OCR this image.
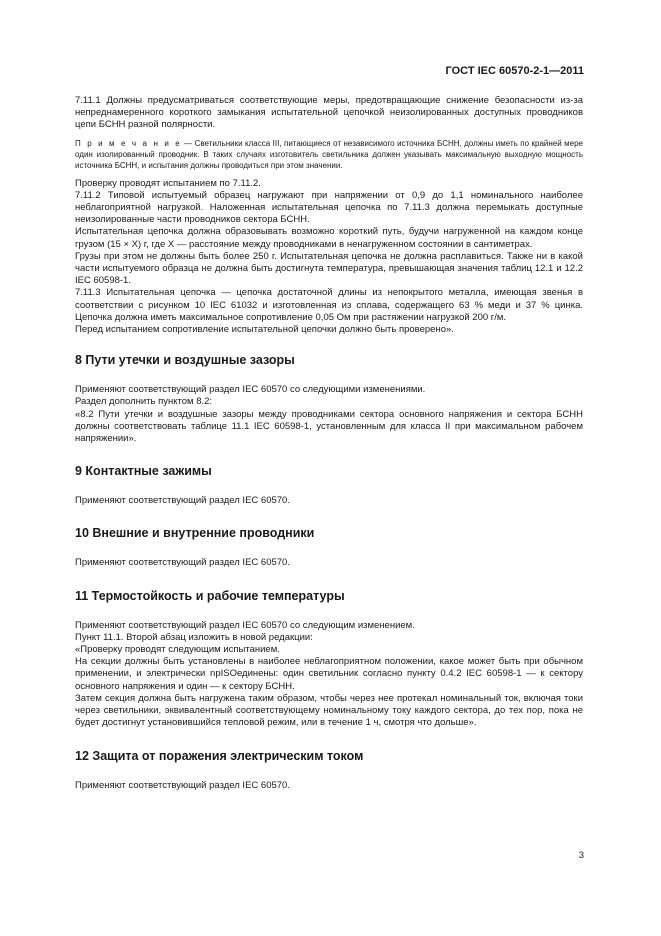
ГОСТ IEC 60570-2-1—2011

7.11.1 Должны предусматриваться соответствующие меры, предотвращающие снижение безопасности из-за непреднамеренного короткого замыкания испытательной цепочкой неизолированных доступных проводников цепи БСНН разной полярности.

П р и м е ч а н и е — Светильники класса III, питающиеся от независимого источника БСНН, должны иметь по крайней мере один изолированный проводник. В таких случаях изготовитель светильника должен указывать максимальную выходную мощность источника БСНН, и испытания должны проводиться при этом значении.

Проверку проводят испытанием по 7.11.2.

7.11.2 Типовой испытуемый образец нагружают при напряжении от 0,9 до 1,1 номинального наиболее неблагоприятной нагрузкой. Наложенная испытательная цепочка по 7.11.3 должна перемыкать доступные неизолированные части проводников сектора БСНН.

Испытательная цепочка должна образовывать возможно короткий путь, будучи нагруженной на каждом конце грузом (15 × X) г, где X — расстояние между проводниками в ненагруженном состоянии в сантиметрах.

Грузы при этом не должны быть более 250 г. Испытательная цепочка не должна расплавиться. Также ни в какой части испытуемого образца не должна быть достигнута температура, превышающая значения таблиц 12.1 и 12.2 IEC 60598-1.

7.11.3 Испытательная цепочка — цепочка достаточной длины из непокрытого металла, имеющая звенья в соответствии с рисунком 10 IEC 61032 и изготовленная из сплава, содержащего 63 % меди и 37 % цинка. Цепочка должна иметь максимальное сопротивление 0,05 Ом при растяжении нагрузкой 200 г/м.

Перед испытанием сопротивление испытательной цепочки должно быть проверено».

8 Пути утечки и воздушные зазоры

Применяют соответствующий раздел IEC 60570 со следующими изменениями.

Раздел дополнить пунктом 8.2:

«8.2 Пути утечки и воздушные зазоры между проводниками сектора основного напряжения и сектора БСНН должны соответствовать таблице 11.1 IEC 60598-1, установленным для класса II при максимальном рабочем напряжении».

9 Контактные зажимы

Применяют соответствующий раздел IEC 60570.

10 Внешние и внутренние проводники

Применяют соответствующий раздел IEC 60570.

11 Термостойкость и рабочие температуры

Применяют соответствующий раздел IEC 60570 со следующим изменением.

Пункт 11.1. Второй абзац изложить в новой редакции:

«Проверку проводят следующим испытанием.

На секции должны быть установлены в наиболее неблагоприятном положении, какое может быть при обычном применении, и электрически npISOединены: один светильник согласно пункту 0.4.2 IEC 60598-1 — к сектору основного напряжения и один — к сектору БСНН.

Затем секция должна быть нагружена таким образом, чтобы через нее протекал номинальный ток, включая токи через светильники, эквивалентный соответствующему номинальному току каждого сектора, до тех пор, пока не будет достигнут установившийся тепловой режим, или в течение 1 ч, смотря что дольше».

12 Защита от поражения электрическим током

Применяют соответствующий раздел IEC 60570.

3
